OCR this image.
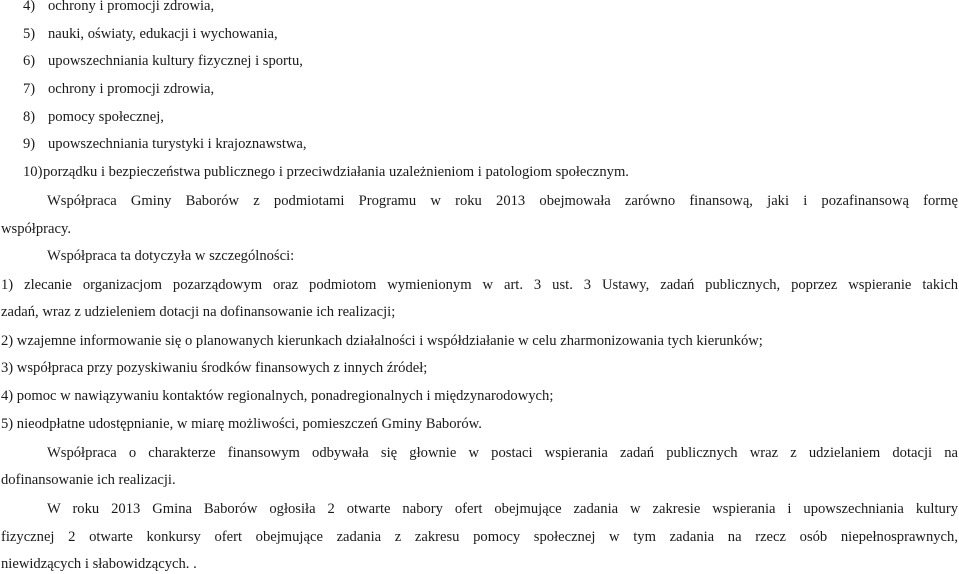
4) ochrony i promocji zdrowia,

5) nauki, oświaty, edukacji i wychowania,

6) upowszechniania kultury fizycznej i sportu,

7) ochrony i promocji zdrowia,

8) pomocy społecznej,

9) upowszechniania turystyki i krajoznawstwa,

10)porządku i bezpieczeństwa publicznego i przeciwdziałania uzależnieniom i patologiom społecznym.

Współpraca Gminy Baborów z podmiotami Programu w roku 2013 obejmowała zarówno finansową, jaki i pozafinansową formę

współpracy.

Współpraca ta dotyczyła w szczególności:

1) zlecanie organizacjom pozarządowym oraz podmiotom wymienionym w art. 3 ust. 3 Ustawy, zadań publicznych, poprzez wspieranie takich

zadań, wraz z udzieleniem dotacji na dofinansowanie ich realizacji;

2) wzajemne informowanie się o planowanych kierunkach działalności i współdziałanie w celu zharmonizowania tych kierunków;

3) współpraca przy pozyskiwaniu środków finansowych z innych źródeł;

4) pomoc w nawiązywaniu kontaktów regionalnych, ponadregionalnych i międzynarodowych;

5) nieodpłatne udostępnianie, w miarę możliwości, pomieszczeń Gminy Baborów.

Współpraca o charakterze finansowym odbywała się głownie w postaci wspierania zadań publicznych wraz z udzielaniem dotacji na

dofinansowanie ich realizacji.

W roku 2013 Gmina Baborów ogłosiła 2 otwarte nabory ofert obejmujące zadania w zakresie wspierania i upowszechniania kultury

fizycznej 2 otwarte konkursy ofert obejmujące zadania z zakresu pomocy społecznej w tym zadania na rzecz osób niepełnosprawnych,

niewidzących i słabowidzących. .
